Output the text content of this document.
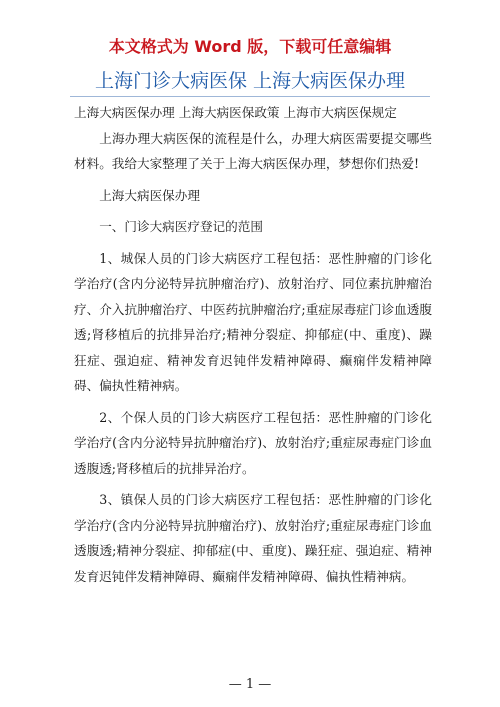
本文格式为 Word 版，下载可任意编辑
上海门诊大病医保 上海大病医保办理

上海大病医保办理 上海大病医保政策 上海市大病医保规定

上海办理大病医保的流程是什么，办理大病医需要提交哪些材料。我给大家整理了关于上海大病医保办理，梦想你们热爱!

上海大病医保办理

一、门诊大病医疗登记的范围

1、城保人员的门诊大病医疗工程包括：恶性肿瘤的门诊化学治疗(含内分泌特异抗肿瘤治疗)、放射治疗、同位素抗肿瘤治疗、介入抗肿瘤治疗、中医药抗肿瘤治疗;重症尿毒症门诊血透腹透;肾移植后的抗排异治疗;精神分裂症、抑郁症(中、重度)、躁狂症、强迫症、精神发育迟钝伴发精神障碍、癫痫伴发精神障碍、偏执性精神病。

2、个保人员的门诊大病医疗工程包括：恶性肿瘤的门诊化学治疗(含内分泌特异抗肿瘤治疗)、放射治疗;重症尿毒症门诊血透腹透;肾移植后的抗排异治疗。

3、镇保人员的门诊大病医疗工程包括：恶性肿瘤的门诊化学治疗(含内分泌特异抗肿瘤治疗)、放射治疗;重症尿毒症门诊血透腹透;精神分裂症、抑郁症(中、重度)、躁狂症、强迫症、精神发育迟钝伴发精神障碍、癫痫伴发精神障碍、偏执性精神病。

— 1 —
